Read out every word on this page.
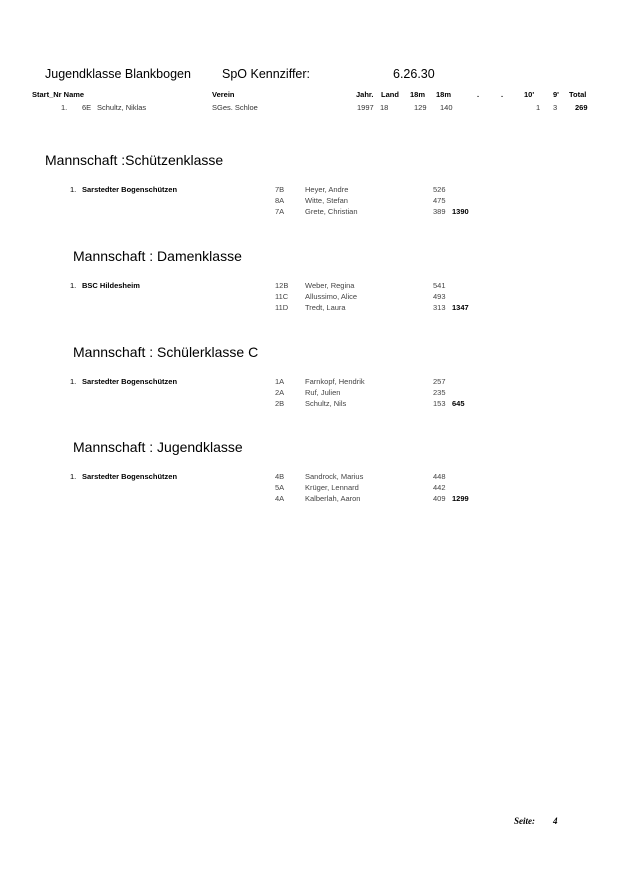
Jugendklasse Blankbogen SpO Kennziffer:	6.26.30
Start_Nr Name	Verein	Jahr. Land 18m 18m	.	.	10'	9' Total
1. 6E Schultz, Niklas	SGes. Schloe	1997 18	129 140	1 3 269
Mannschaft :Schützenklasse
1. Sarstedter Bogenschützen	7B	Heyer, Andre	526
8A	Witte, Stefan	475
7A	Grete, Christian	389 1390
Mannschaft : Damenklasse
1. BSC Hildesheim	12B Weber, Regina	541
11C Allussimo, Alice	493
11D Tredt, Laura	313 1347
Mannschaft : Schülerklasse C
1. Sarstedter Bogenschützen	1A	Farnkopf, Hendrik	257
2A	Ruf, Julien	235
2B	Schultz, Nils	153 645
Mannschaft : Jugendklasse
1. Sarstedter Bogenschützen	4B	Sandrock, Marius	448
5A	Krüger, Lennard	442
4A	Kalberlah, Aaron	409 1299
Seite: 4
